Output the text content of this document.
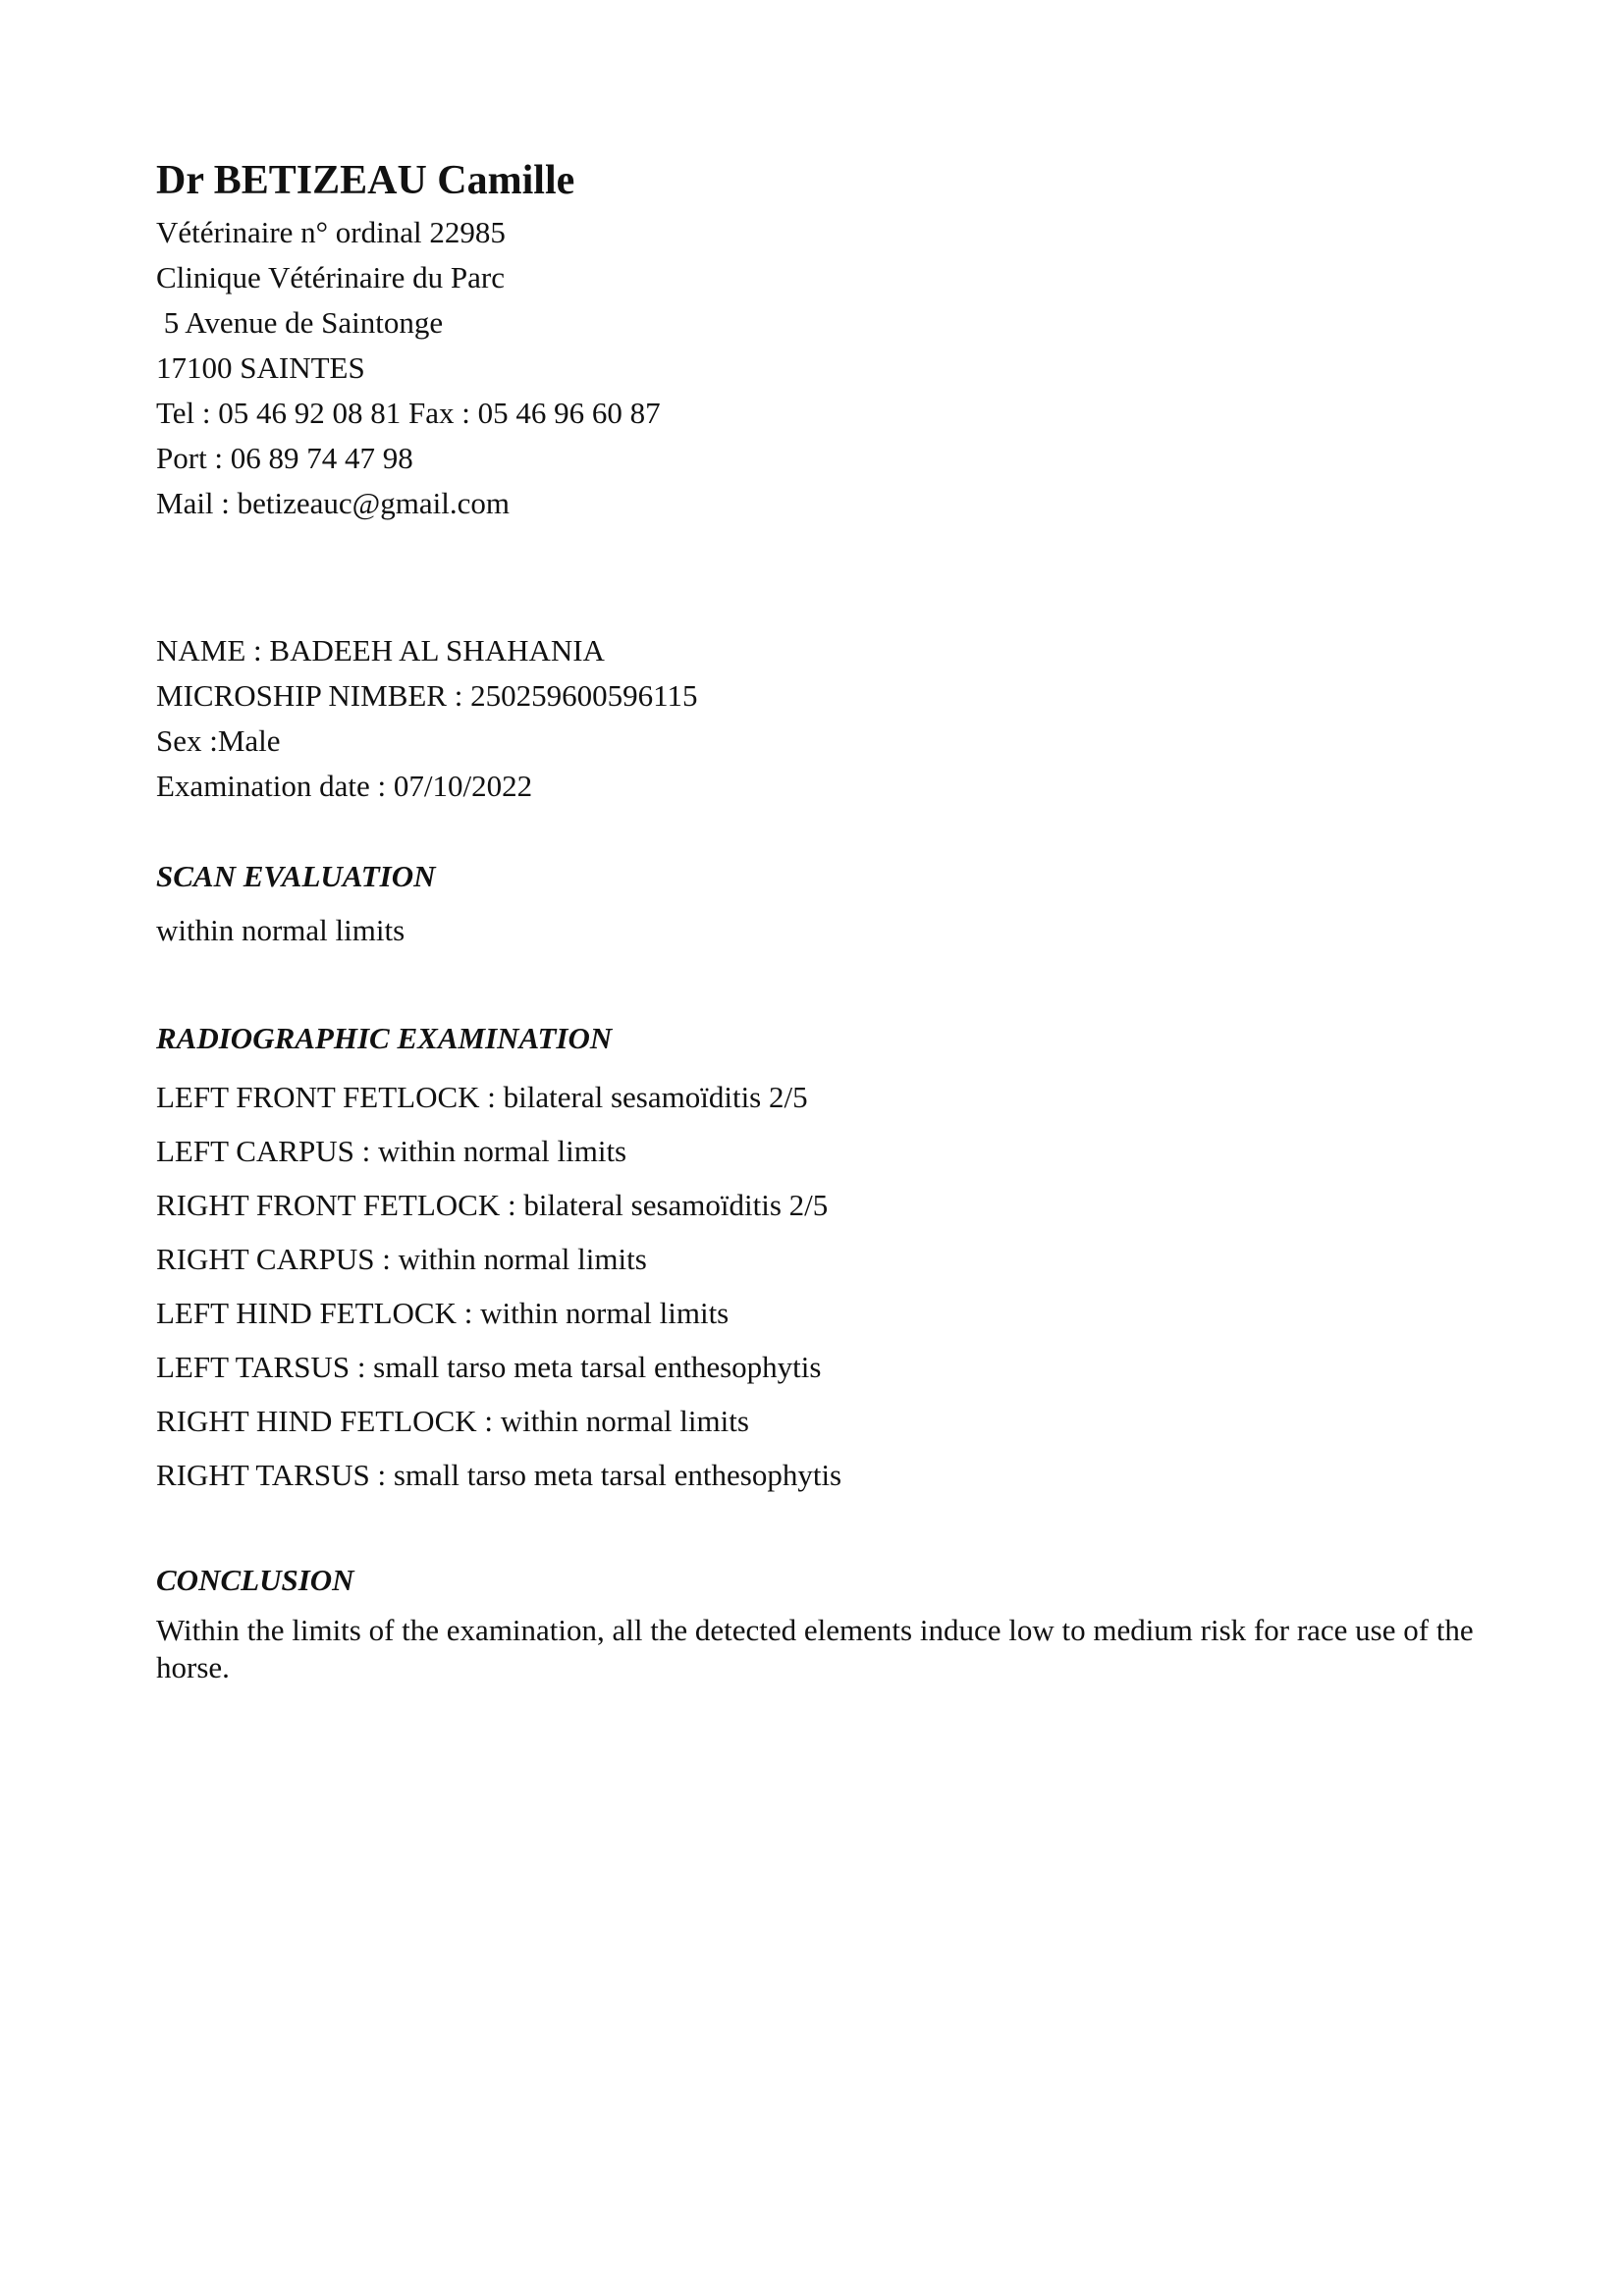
Dr BETIZEAU Camille

Vétérinaire n° ordinal 22985

Clinique Vétérinaire du Parc

5 Avenue de Saintonge

17100 SAINTES

Tel : 05 46 92 08 81 Fax : 05 46 96 60 87

Port : 06 89 74 47 98

Mail : betizeauc@gmail.com

NAME : BADEEH AL SHAHANIA

MICROSHIP NIMBER : 250259600596115

Sex :Male

Examination date : 07/10/2022

SCAN EVALUATION

within normal limits

RADIOGRAPHIC EXAMINATION

LEFT FRONT FETLOCK : bilateral sesamoïditis 2/5

LEFT CARPUS : within normal limits

RIGHT FRONT FETLOCK : bilateral sesamoïditis 2/5

RIGHT CARPUS : within normal limits

LEFT HIND FETLOCK : within normal limits

LEFT TARSUS : small tarso meta tarsal enthesophytis

RIGHT HIND FETLOCK : within normal limits

RIGHT TARSUS : small tarso meta tarsal enthesophytis

CONCLUSION

Within the limits of the examination, all the detected elements induce low to medium risk for race use of the horse.
